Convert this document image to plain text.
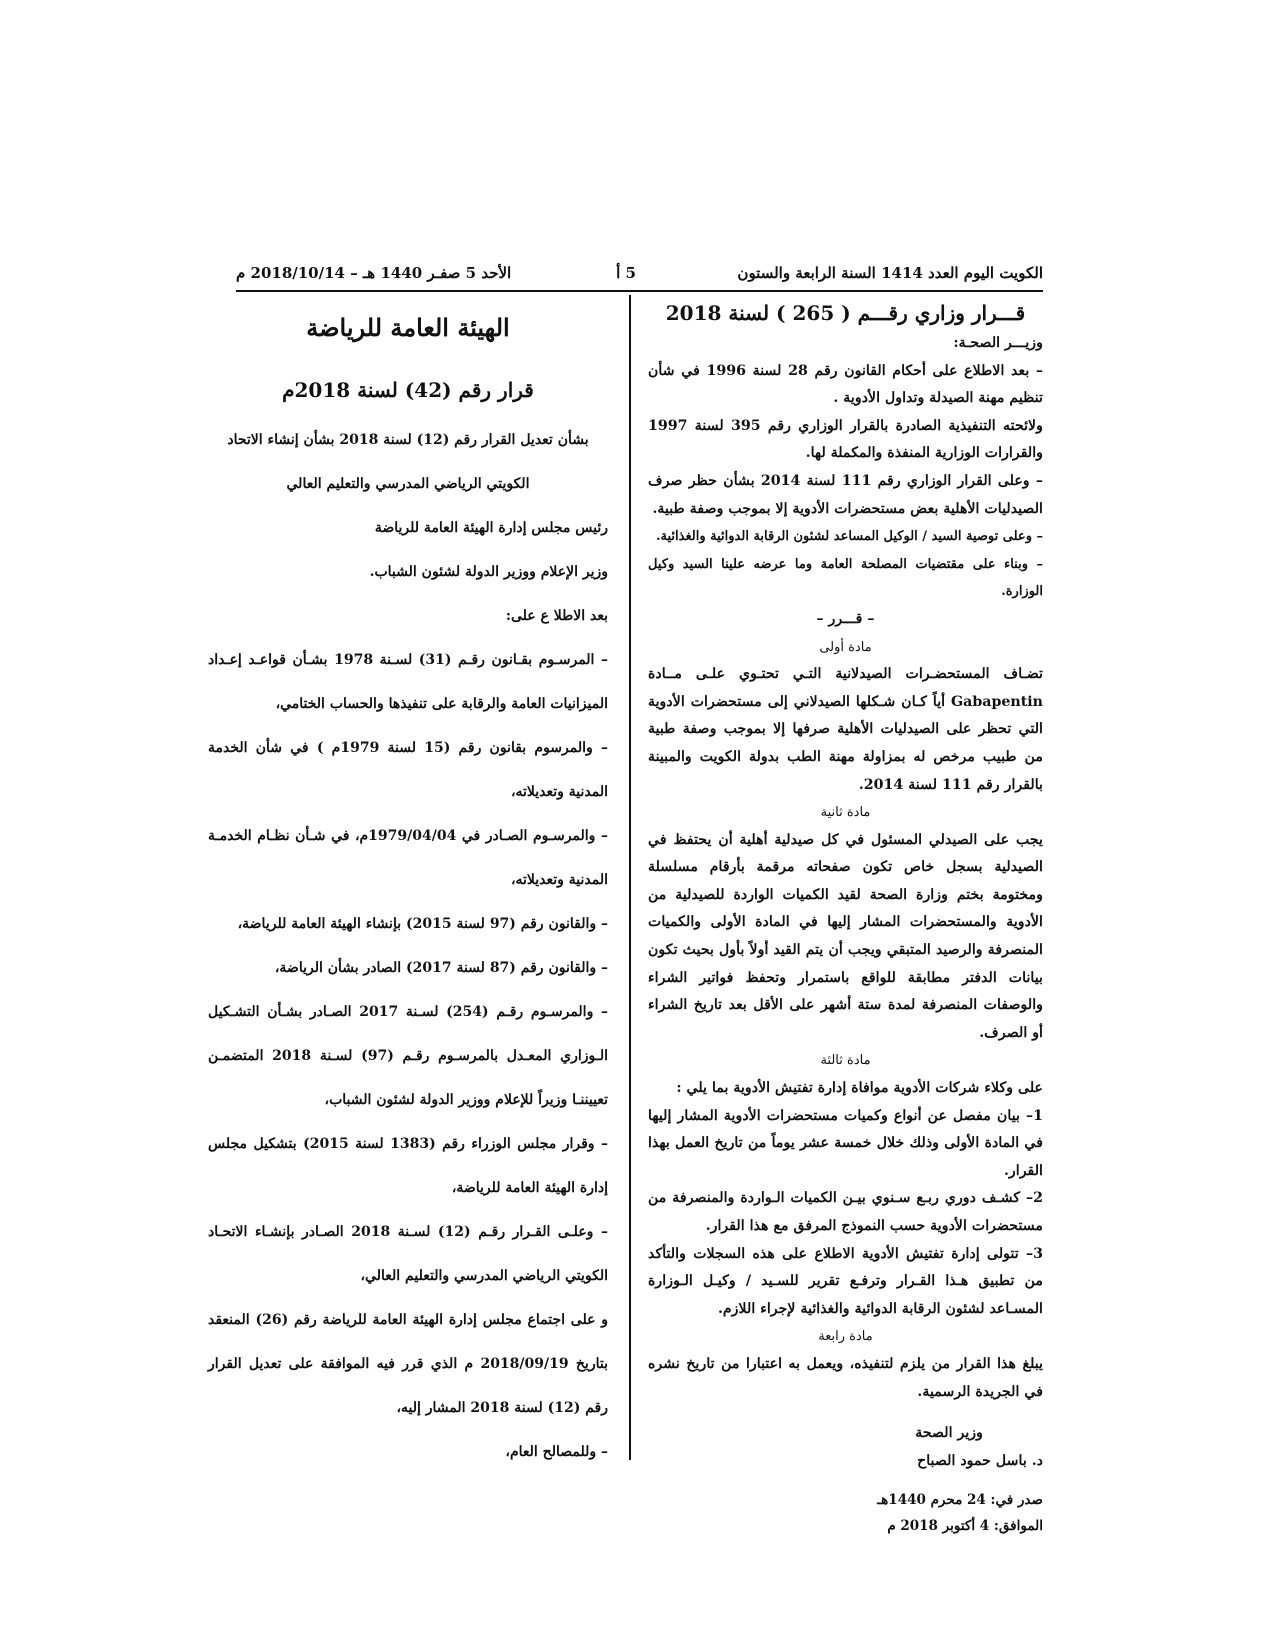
الكويت اليوم العدد 1414 السنة الرابعة والستون
5 أ
الأحد 5 صفـر 1440 هـ – 2018/10/14 م

قـــرار وزاري رقـــم ( 265 ) لسنة 2018

وزيـــر الصحـة:

– بعد الاطلاع على أحكام القانون رقم 28 لسنة 1996 في شأن تنظيم مهنة الصيدلة وتداول الأدوية .

ولائحته التنفيذية الصادرة بالقرار الوزاري رقم 395 لسنة 1997 والقرارات الوزارية المنفذة والمكملة لها.

– وعلى القرار الوزاري رقم 111 لسنة 2014 بشأن حظر صرف الصيدليات الأهلية بعض مستحضرات الأدوية إلا بموجب وصفة طبية.

– وعلى توصية السيد / الوكيل المساعد لشئون الرقابة الدوائية والغذائية.

– وبناء على مقتضيات المصلحة العامة وما عرضه علينا السيد وكيل الوزارة.

– قـــرر –

مادة أولى

تضـاف المستحضـرات الصيدلانية التـي تحتـوي علـى مــادة Gabapentin أياً كـان شـكلها الصيدلاني إلى مستحضرات الأدوية التي تحظر على الصيدليات الأهلية صرفها إلا بموجب وصفة طبية من طبيب مرخص له بمزاولة مهنة الطب بدولة الكويت والمبينة بالقرار رقم 111 لسنة 2014.

مادة ثانية

يجب على الصيدلي المسئول في كل صيدلية أهلية أن يحتفظ في الصيدلية بسجل خاص تكون صفحاته مرقمة بأرقام مسلسلة ومختومة بختم وزارة الصحة لقيد الكميات الواردة للصيدلية من الأدوية والمستحضرات المشار إليها في المادة الأولى والكميات المنصرفة والرصيد المتبقي ويجب أن يتم القيد أولاً بأول بحيث تكون بيانات الدفتر مطابقة للواقع باستمرار وتحفظ فواتير الشراء والوصفات المنصرفة لمدة ستة أشهر على الأقل بعد تاريخ الشراء أو الصرف.

مادة ثالثة

على وكلاء شركات الأدوية موافاة إدارة تفتيش الأدوية بما يلي :

1– بيان مفصل عن أنواع وكميات مستحضرات الأدوية المشار إليها في المادة الأولى وذلك خلال خمسة عشر يوماً من تاريخ العمل بهذا القرار.

2– كشـف دوري ربـع سـنوي بيـن الكميات الـواردة والمنصرفة من مستحضرات الأدوية حسب النموذج المرفق مع هذا القرار.

3– تتولى إدارة تفتيش الأدوية الاطلاع على هذه السجلات والتأكد من تطبيق هـذا القـرار وترفـع تقرير للسـيد / وكيـل الـوزارة المسـاعد لشئون الرقابة الدوائية والغذائية لإجراء اللازم.

مادة رابعة

يبلغ هذا القرار من يلزم لتنفيذه، ويعمل به اعتبارا من تاريخ نشره في الجريدة الرسمية.

وزير الصحة

د. باسل حمود الصباح

صدر في: 24 محرم 1440هـ

الموافق: 4 أكتوبر 2018 م

الهيئة العامة للرياضة

قرار رقم (42) لسنة 2018م

بشأن تعديل القرار رقم (12) لسنة 2018 بشأن إنشاء الاتحاد

الكويتي الرياضي المدرسي والتعليم العالي

رئيس مجلس إدارة الهيئة العامة للرياضة

وزير الإعلام ووزير الدولة لشئون الشباب.

بعد الاطلا ع على:

– المرسـوم بقـانون رقـم (31) لسـنة 1978 بشـأن قواعـد إعـداد الميزانيات العامة والرقابة على تنفيذها والحساب الختامي،

– والمرسوم بقانون رقم (15 لسنة 1979م ) في شأن الخدمة المدنية وتعديلاته،

– والمرسـوم الصـادر في 1979/04/04م، في شـأن نظـام الخدمـة المدنية وتعديلاته،

– والقانون رقم (97 لسنة 2015) بإنشاء الهيئة العامة للرياضة،

– والقانون رقم (87 لسنة 2017) الصادر بشأن الرياضة،

– والمرسـوم رقـم (254) لسـنة 2017 الصـادر بشـأن التشـكيل الـوزاري المعـدل بالمرسـوم رقـم (97) لسـنة 2018 المتضمـن تعييننـا وزيراً للإعلام ووزير الدولة لشئون الشباب،

– وقرار مجلس الوزراء رقم (1383 لسنة 2015) بتشكيل مجلس إدارة الهيئة العامة للرياضة،

– وعلـى القـرار رقـم (12) لسـنة 2018 الصـادر بإنشـاء الاتحـاد الكويتي الرياضي المدرسي والتعليم العالي،

و على اجتماع مجلس إدارة الهيئة العامة للرياضة رقم (26) المنعقد بتاريخ 2018/09/19 م الذي قرر فيه الموافقة على تعديل القرار رقم (12) لسنة 2018 المشار إليه،

– وللمصالح العام،
